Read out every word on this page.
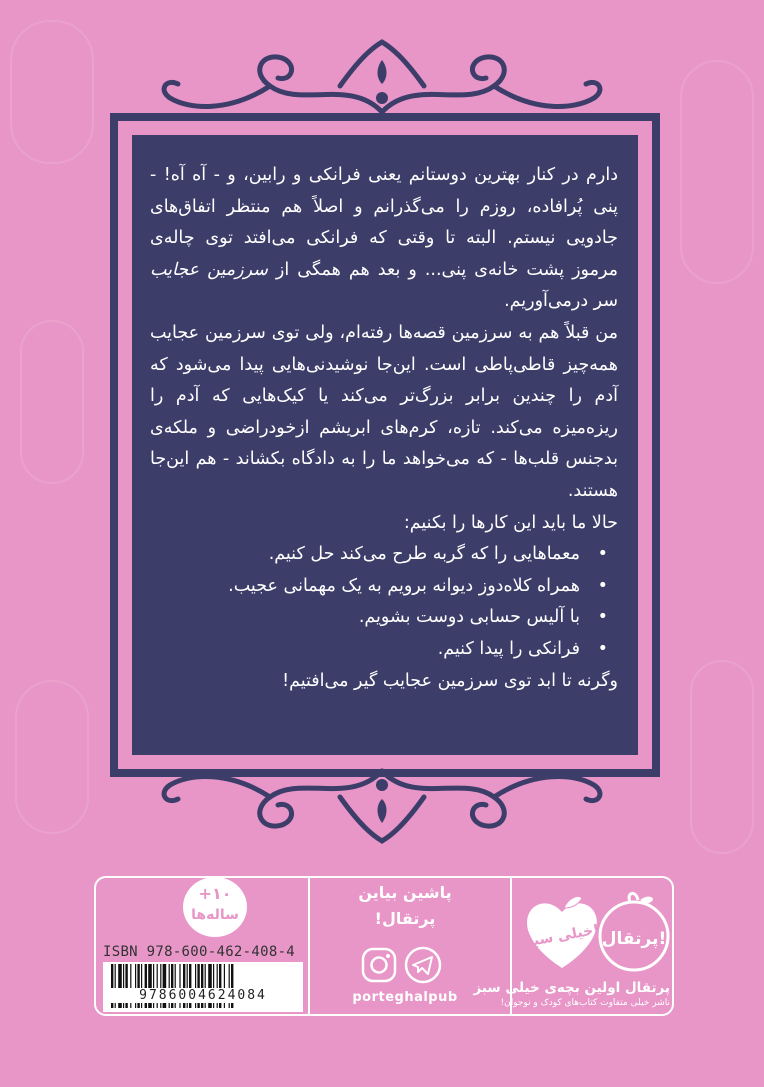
دارم در کنار بهترین دوستانم یعنی فرانکی و رابین، و - آه آه! - پنی پُرافاده، روزم را می‌گذرانم و اصلاً هم منتظر اتفاق‌های جادویی نیستم. البته تا وقتی که فرانکی می‌افتد توی چاله‌ی مرموز پشت خانه‌ی پنی... و بعد هم همگی از سرزمین عجایب سر درمی‌آوریم.

من قبلاً هم به سرزمین قصه‌ها رفته‌ام، ولی توی سرزمین عجایب همه‌چیز قاطی‌پاطی است. این‌جا نوشیدنی‌هایی پیدا می‌شود که آدم را چندین برابر بزرگ‌تر می‌کند یا کیک‌هایی که آدم را ریزه‌میزه می‌کند. تازه، کرم‌های ابریشم ازخودراضی و ملکه‌ی بدجنس قلب‌ها - که می‌خواهد ما را به دادگاه بکشاند - هم این‌جا هستند.

حالا ما باید این کارها را بکنیم:

• معماهایی را که گربه طرح می‌کند حل کنیم.
• همراه کلاه‌دوز دیوانه برویم به یک مهمانی عجیب.
• با آلیس حسابی دوست بشویم.
• فرانکی را پیدا کنیم.

وگرنه تا ابد توی سرزمین عجایب گیر می‌افتیم!

+۱۰
ساله‌ها
ISBN 978-600-462-408-4
9786004624084
پاشین بیاین
پرتقال!
porteghalpub
پرتقال!
خیلی سبز!
پرتقال اولین بچه‌ی خیلی سبز
ناشر خیلی متفاوت کتاب‌های کودک و نوجوان!
